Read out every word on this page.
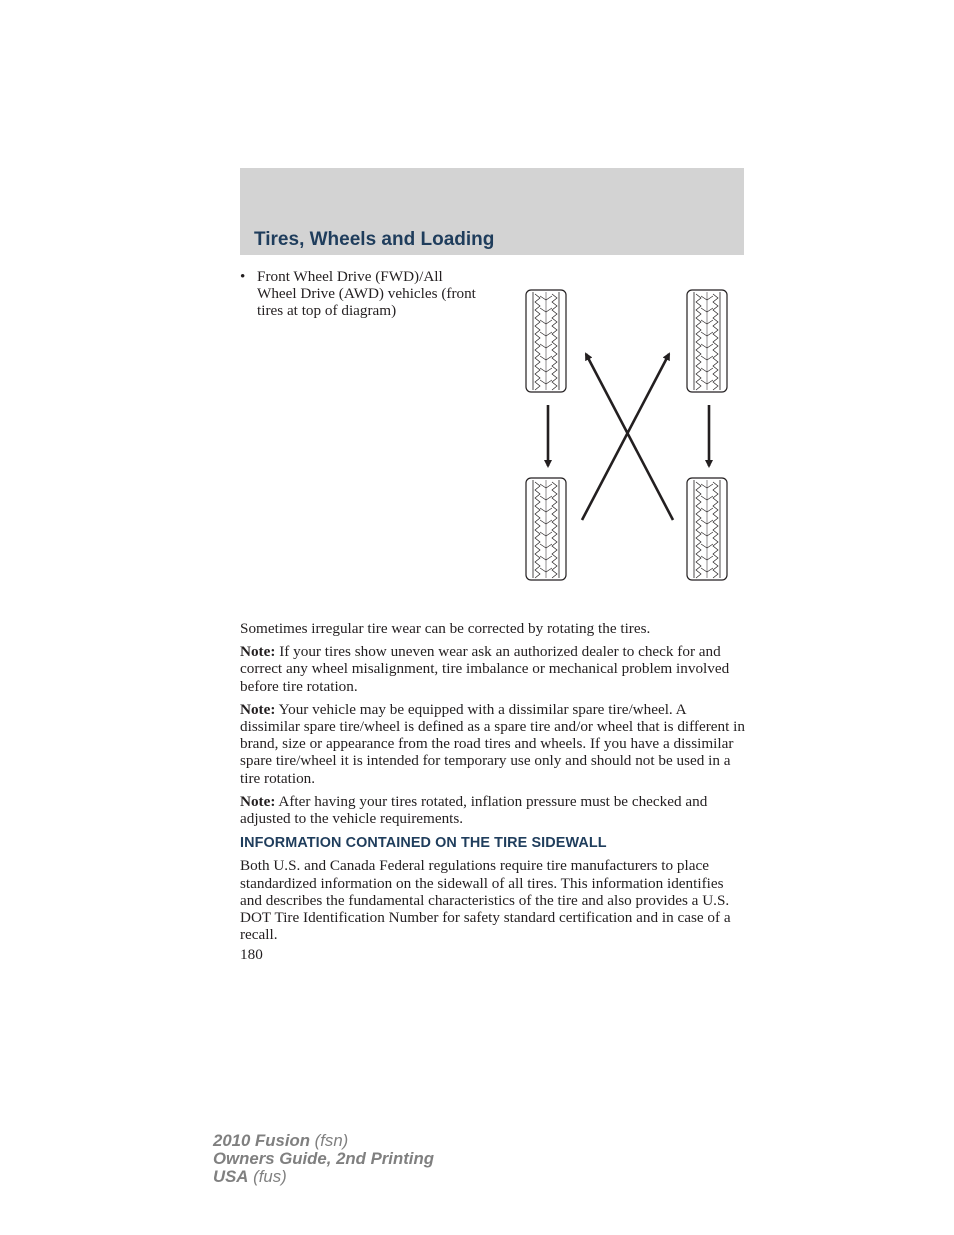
Tires, Wheels and Loading
• Front Wheel Drive (FWD)/All Wheel Drive (AWD) vehicles (front tires at top of diagram)

Sometimes irregular tire wear can be corrected by rotating the tires.

Note: If your tires show uneven wear ask an authorized dealer to check for and correct any wheel misalignment, tire imbalance or mechanical problem involved before tire rotation.

Note: Your vehicle may be equipped with a dissimilar spare tire/wheel. A dissimilar spare tire/wheel is defined as a spare tire and/or wheel that is different in brand, size or appearance from the road tires and wheels. If you have a dissimilar spare tire/wheel it is intended for temporary use only and should not be used in a tire rotation.

Note: After having your tires rotated, inflation pressure must be checked and adjusted to the vehicle requirements.

INFORMATION CONTAINED ON THE TIRE SIDEWALL

Both U.S. and Canada Federal regulations require tire manufacturers to place standardized information on the sidewall of all tires. This information identifies and describes the fundamental characteristics of the tire and also provides a U.S. DOT Tire Identification Number for safety standard certification and in case of a recall.

180
2010 Fusion (fsn)
Owners Guide, 2nd Printing
USA (fus)
